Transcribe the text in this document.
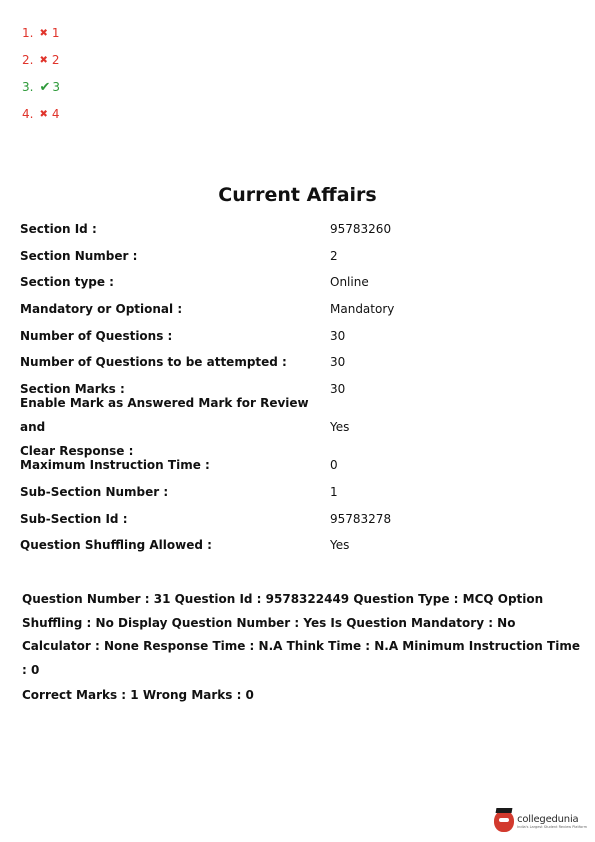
1. ✖ 1
2. ✖ 2
3. ✔ 3
4. ✖ 4
Current Affairs
Section Id :	95783260
Section Number :	2
Section type :	Online
Mandatory or Optional :	Mandatory
Number of Questions :	30
Number of Questions to be attempted :	30
Section Marks :	30
Enable Mark as Answered Mark for Review and
Clear Response :
Yes
Maximum Instruction Time :	0
Sub-Section Number :	1
Sub-Section Id :	95783278
Question Shuffling Allowed :	Yes

Question Number : 31 Question Id : 9578322449 Question Type : MCQ Option Shuffling : No Display Question Number : Yes Is Question Mandatory : No Calculator : None Response Time : N.A Think Time : N.A Minimum Instruction Time : 0

Correct Marks : 1 Wrong Marks : 0

collegedunia
India's Largest Student Review Platform
